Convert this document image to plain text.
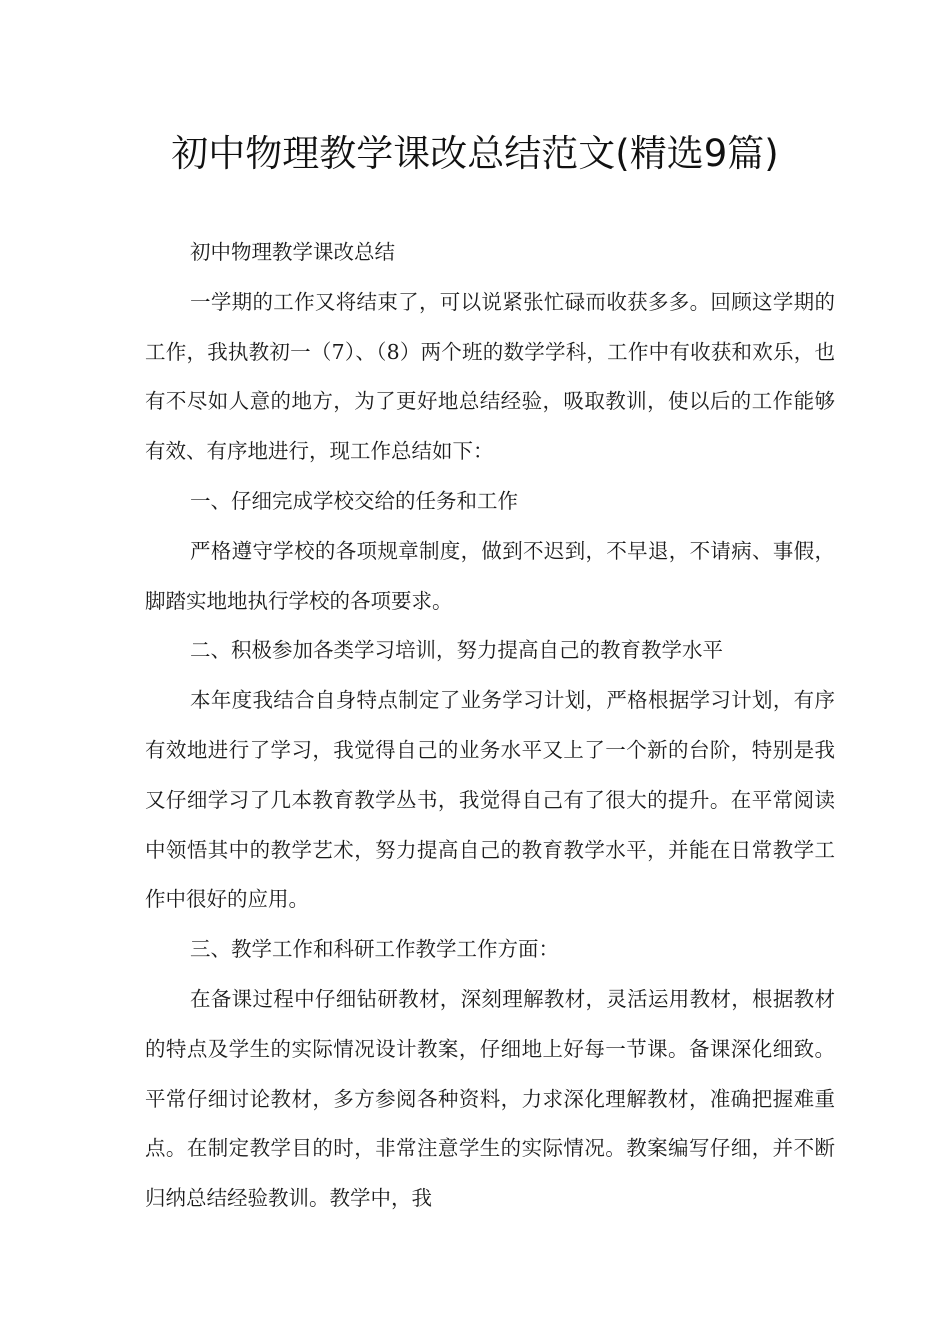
初中物理教学课改总结范文(精选9篇)

初中物理教学课改总结

一学期的工作又将结束了，可以说紧张忙碌而收获多多。回顾这学期的工作，我执教初一（7）、（8）两个班的数学学科，工作中有收获和欢乐，也有不尽如人意的地方，为了更好地总结经验，吸取教训，使以后的工作能够有效、有序地进行，现工作总结如下：

一、仔细完成学校交给的任务和工作

严格遵守学校的各项规章制度，做到不迟到，不早退，不请病、事假，脚踏实地地执行学校的各项要求。

二、积极参加各类学习培训，努力提高自己的教育教学水平

本年度我结合自身特点制定了业务学习计划，严格根据学习计划，有序有效地进行了学习，我觉得自己的业务水平又上了一个新的台阶，特别是我又仔细学习了几本教育教学丛书，我觉得自己有了很大的提升。在平常阅读中领悟其中的教学艺术，努力提高自己的教育教学水平，并能在日常教学工作中很好的应用。

三、教学工作和科研工作教学工作方面：

在备课过程中仔细钻研教材，深刻理解教材，灵活运用教材，根据教材的特点及学生的实际情况设计教案，仔细地上好每一节课。备课深化细致。平常仔细讨论教材，多方参阅各种资料，力求深化理解教材，准确把握难重点。在制定教学目的时，非常注意学生的实际情况。教案编写仔细，并不断归纳总结经验教训。教学中，我
